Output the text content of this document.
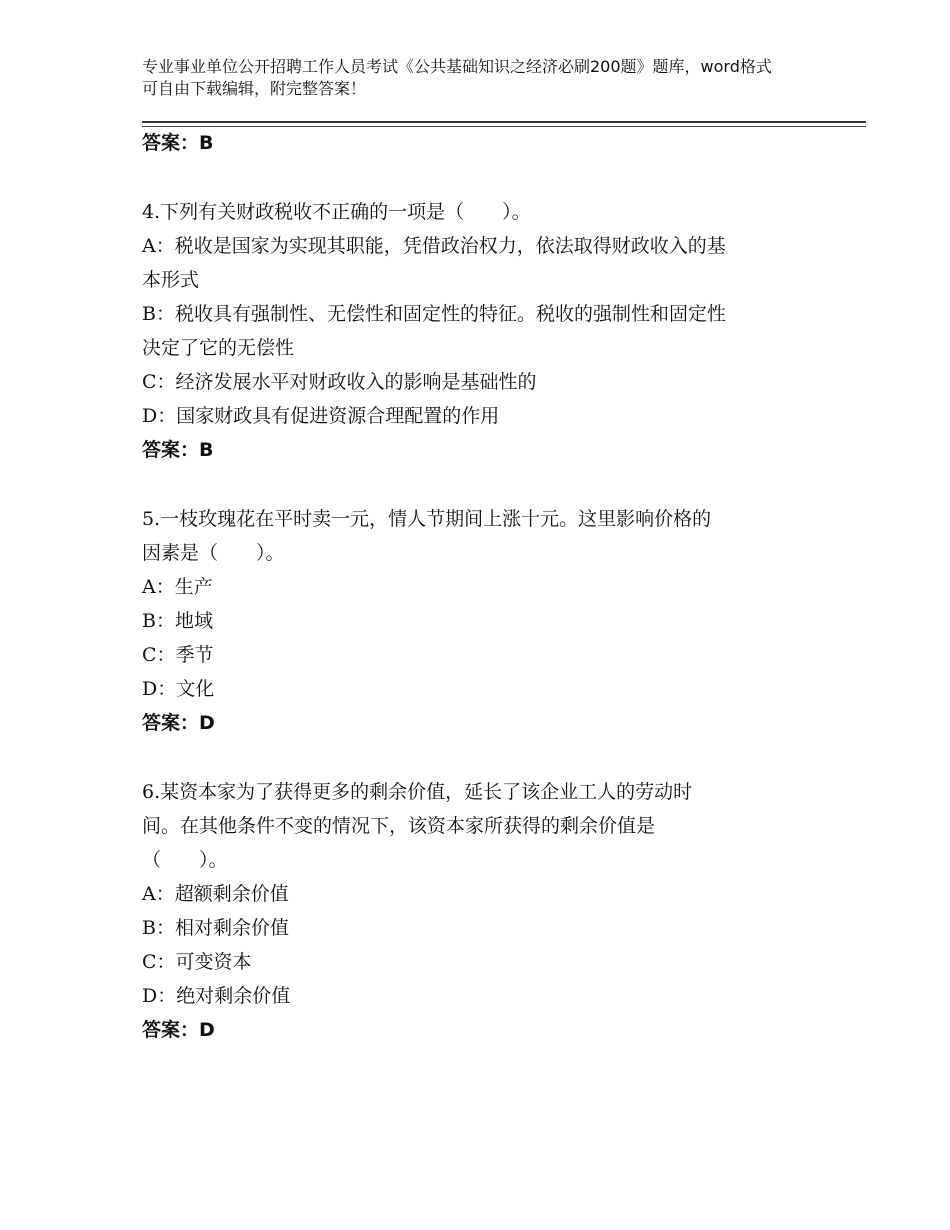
专业事业单位公开招聘工作人员考试《公共基础知识之经济必刷200题》题库，word格式可自由下载编辑，附完整答案！
答案：B
4.下列有关财政税收不正确的一项是（　　）。
A：税收是国家为实现其职能，凭借政治权力，依法取得财政收入的基
本形式
B：税收具有强制性、无偿性和固定性的特征。税收的强制性和固定性
决定了它的无偿性
C：经济发展水平对财政收入的影响是基础性的
D：国家财政具有促进资源合理配置的作用
答案：B
5.一枝玫瑰花在平时卖一元，情人节期间上涨十元。这里影响价格的
因素是（　　）。
A：生产
B：地域
C：季节
D：文化
答案：D
6.某资本家为了获得更多的剩余价值，延长了该企业工人的劳动时
间。在其他条件不变的情况下，该资本家所获得的剩余价值是
（　　）。
A：超额剩余价值
B：相对剩余价值
C：可变资本
D：绝对剩余价值
答案：D
